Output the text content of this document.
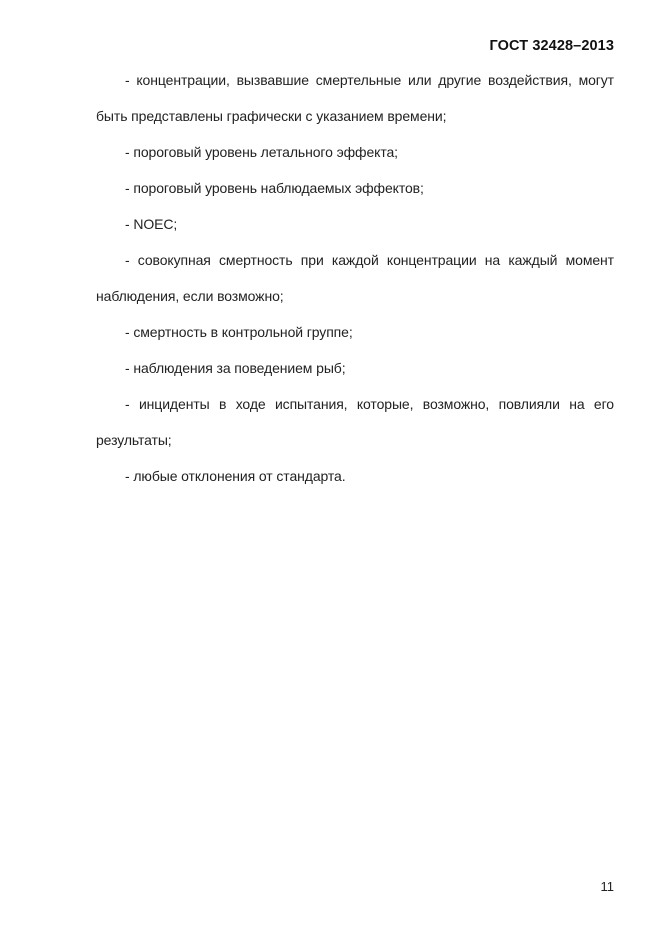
ГОСТ 32428–2013

- концентрации, вызвавшие смертельные или другие воздействия, могут быть представлены графически с указанием времени;

- пороговый уровень летального эффекта;

- пороговый уровень наблюдаемых эффектов;

- NOEC;

- совокупная смертность при каждой концентрации на каждый момент наблюдения, если возможно;

- смертность в контрольной группе;

- наблюдения за поведением рыб;

- инциденты в ходе испытания, которые, возможно, повлияли на его результаты;

- любые отклонения от стандарта.

11
